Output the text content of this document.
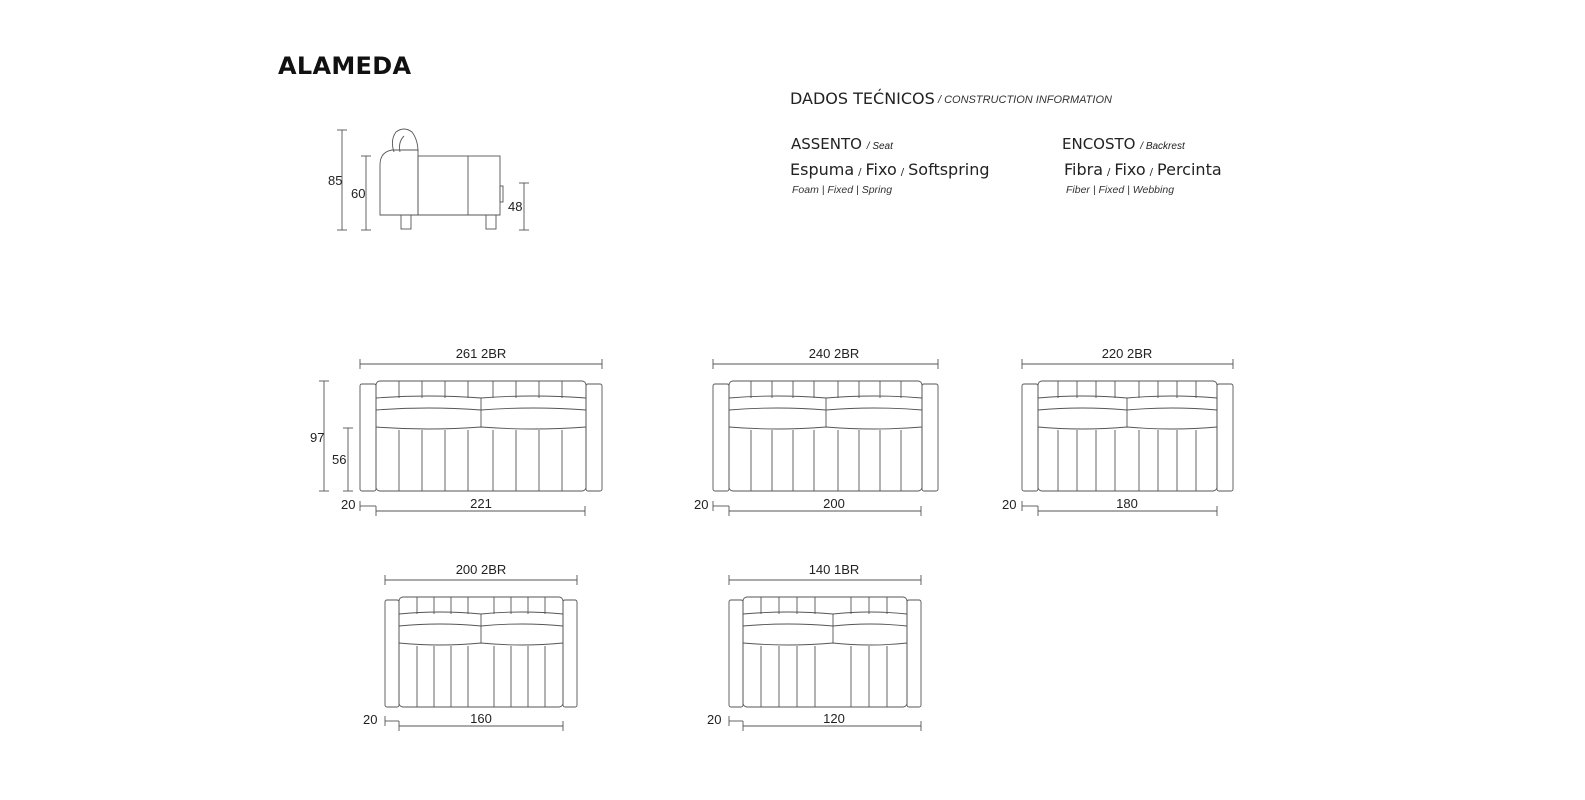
ALAMEDA
DADOS TEĆNICOS / CONSTRUCTION INFORMATION
ASSENTO / Seat
Espuma / Fixo / Softspring
Foam | Fixed | Spring
ENCOSTO / Backrest
Fibra / Fixo / Percinta
Fiber | Fixed | Webbing
85
60
48
261 2BR
97
56
20	221
240 2BR
20	200
220 2BR
20	180
200 2BR
20	160
140 1BR
20	120
